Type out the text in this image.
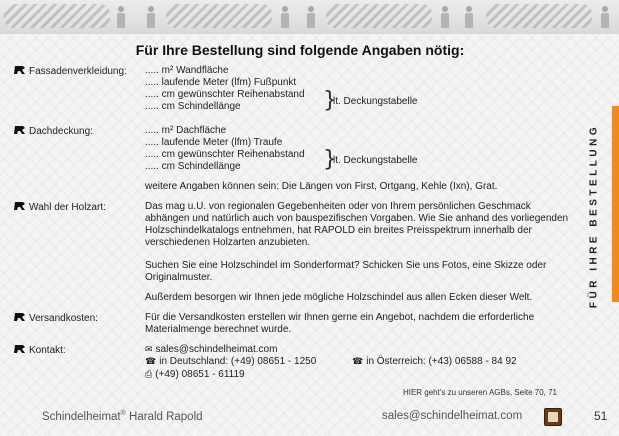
Für Ihre Bestellung sind folgende Angaben nötig:
FÜR IHRE BESTELLUNG
Fassadenverkleidung: ..... m² Wandfläche
..... laufende Meter (lfm) Fußpunkt
..... cm gewünschter Reihenabstand
..... cm Schindellänge	}
lt. Deckungstabelle
Dachdeckung:	..... m² Dachfläche
..... laufende Meter (lfm) Traufe
..... cm gewünschter Reihenabstand
..... cm Schindellänge	}
lt. Deckungstabelle
weitere Angaben können sein: Die Längen von First, Ortgang, Kehle (Ixn), Grat.
Wahl der Holzart:	Das mag u.U. von regionalen Gegebenheiten oder von Ihrem persönlichen Geschmack abhängen und natürlich auch von bauspezifischen Vorgaben. Wie Sie anhand des vorliegenden Holzschindelkatalogs entnehmen, hat RAPOLD ein breites Preisspektrum innerhalb der verschiedenen Holzarten anzubieten.
Suchen Sie eine Holzschindel im Sonderformat? Schicken Sie uns Fotos, eine Skizze oder Originalmuster.
Außerdem besorgen wir Ihnen jede mögliche Holzschindel aus allen Ecken dieser Welt.
Versandkosten:	Für die Versandkosten erstellen wir Ihnen gerne ein Angebot, nachdem die erforderliche Materialmenge berechnet wurde.
Kontakt:	✉ sales@schindelheimat.com
☎ in Deutschland: (+49) 08651 - 1250	☎ in Österreich: (+43) 06588 - 84 92
⎙ (+49) 08651 - 61119
HIER geht's zu unseren AGBs, Seite 70, 71
Schindelheimat® Harald Rapold	sales@schindelheimat.com	51
